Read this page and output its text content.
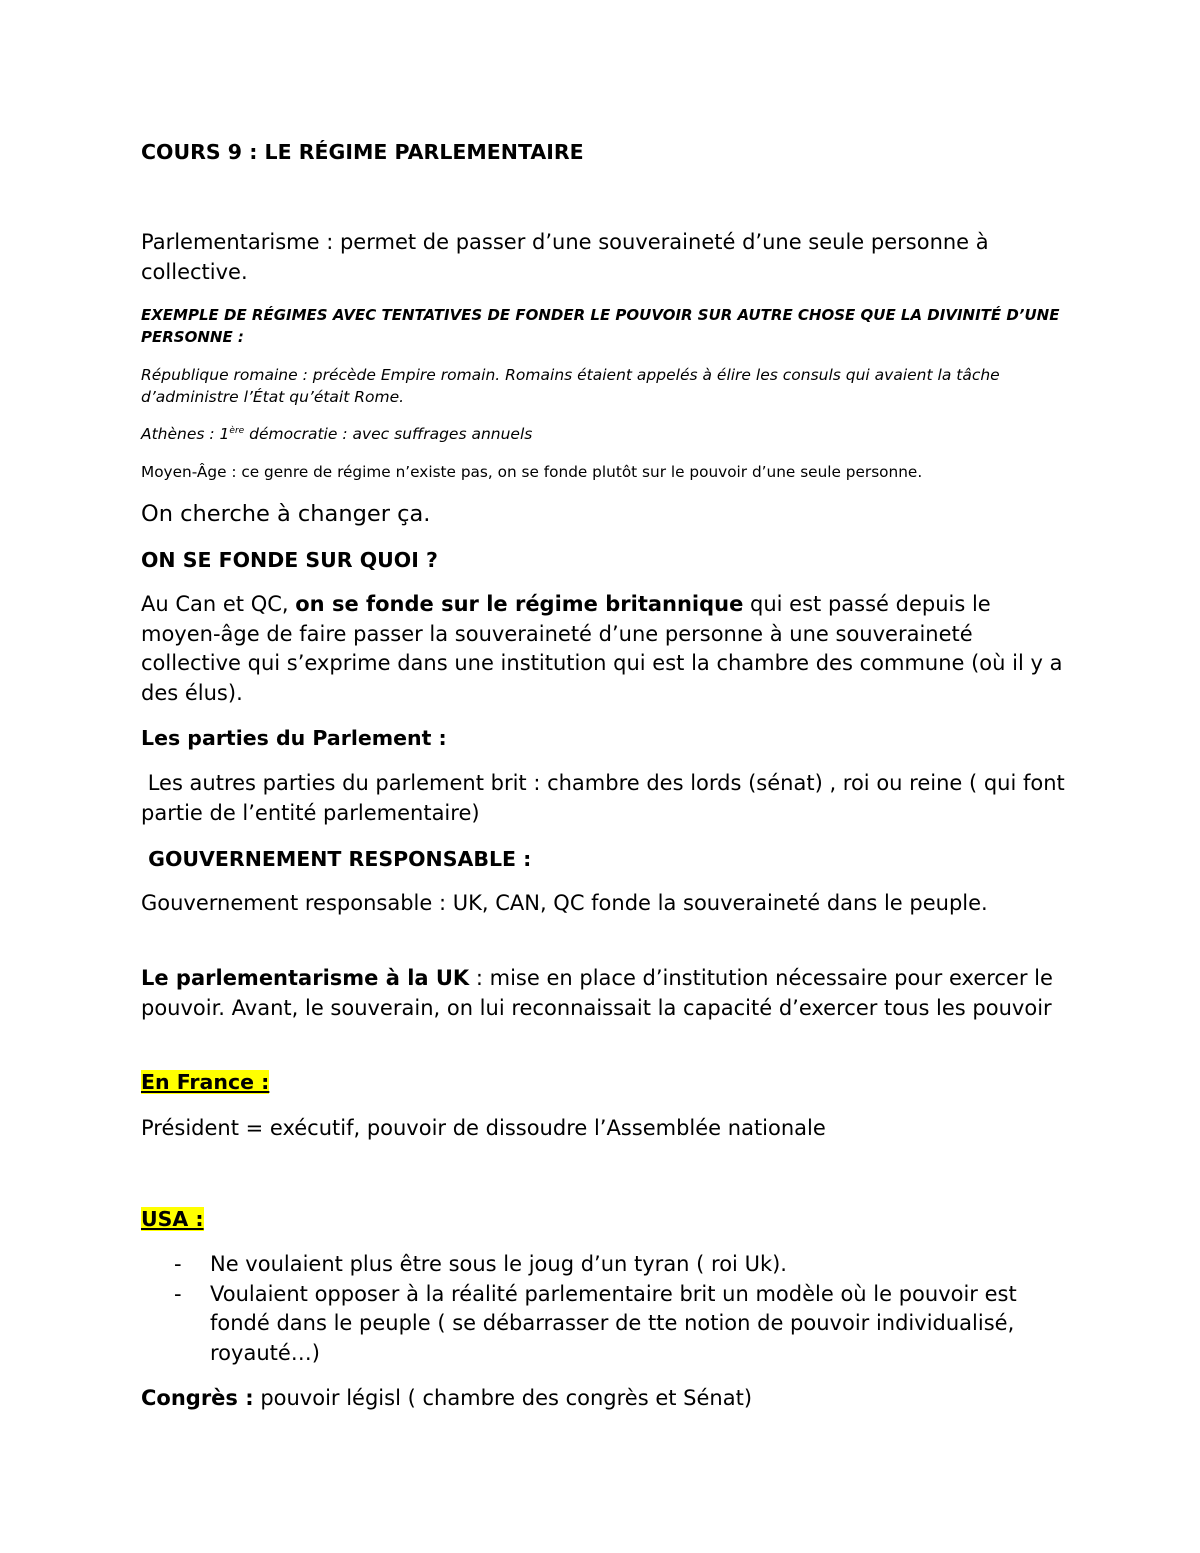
COURS 9 : LE RÉGIME PARLEMENTAIRE
Parlementarisme : permet de passer d’une souveraineté d’une seule personne à collective.
EXEMPLE DE RÉGIMES AVEC TENTATIVES DE FONDER LE POUVOIR SUR AUTRE CHOSE QUE LA DIVINITÉ D’UNE PERSONNE :
République romaine : précède Empire romain. Romains étaient appelés à élire les consuls qui avaient la tâche d’administre l’État qu’était Rome.
Athènes : 1ère démocratie : avec suffrages annuels
Moyen-Âge : ce genre de régime n’existe pas, on se fonde plutôt sur le pouvoir d’une seule personne.
On cherche à changer ça.
ON SE FONDE SUR QUOI ?
Au Can et QC, on se fonde sur le régime britannique qui est passé depuis le moyen-âge de faire passer la souveraineté d’une personne à une souveraineté collective qui s’exprime dans une institution qui est la chambre des commune (où il y a des élus).
Les parties du Parlement :
Les autres parties du parlement brit : chambre des lords (sénat) , roi ou reine ( qui font partie de l’entité parlementaire)
GOUVERNEMENT RESPONSABLE :
Gouvernement responsable : UK, CAN, QC fonde la souveraineté dans le peuple.
Le parlementarisme à la UK : mise en place d’institution nécessaire pour exercer le pouvoir. Avant, le souverain, on lui reconnaissait la capacité d’exercer tous les pouvoir
En France :
Président = exécutif, pouvoir de dissoudre l’Assemblée nationale
USA :
- Ne voulaient plus être sous le joug d’un tyran ( roi Uk).
- Voulaient opposer à la réalité parlementaire brit un modèle où le pouvoir est fondé dans le peuple ( se débarrasser de tte notion de pouvoir individualisé, royauté…)
Congrès : pouvoir législ ( chambre des congrès et Sénat)
